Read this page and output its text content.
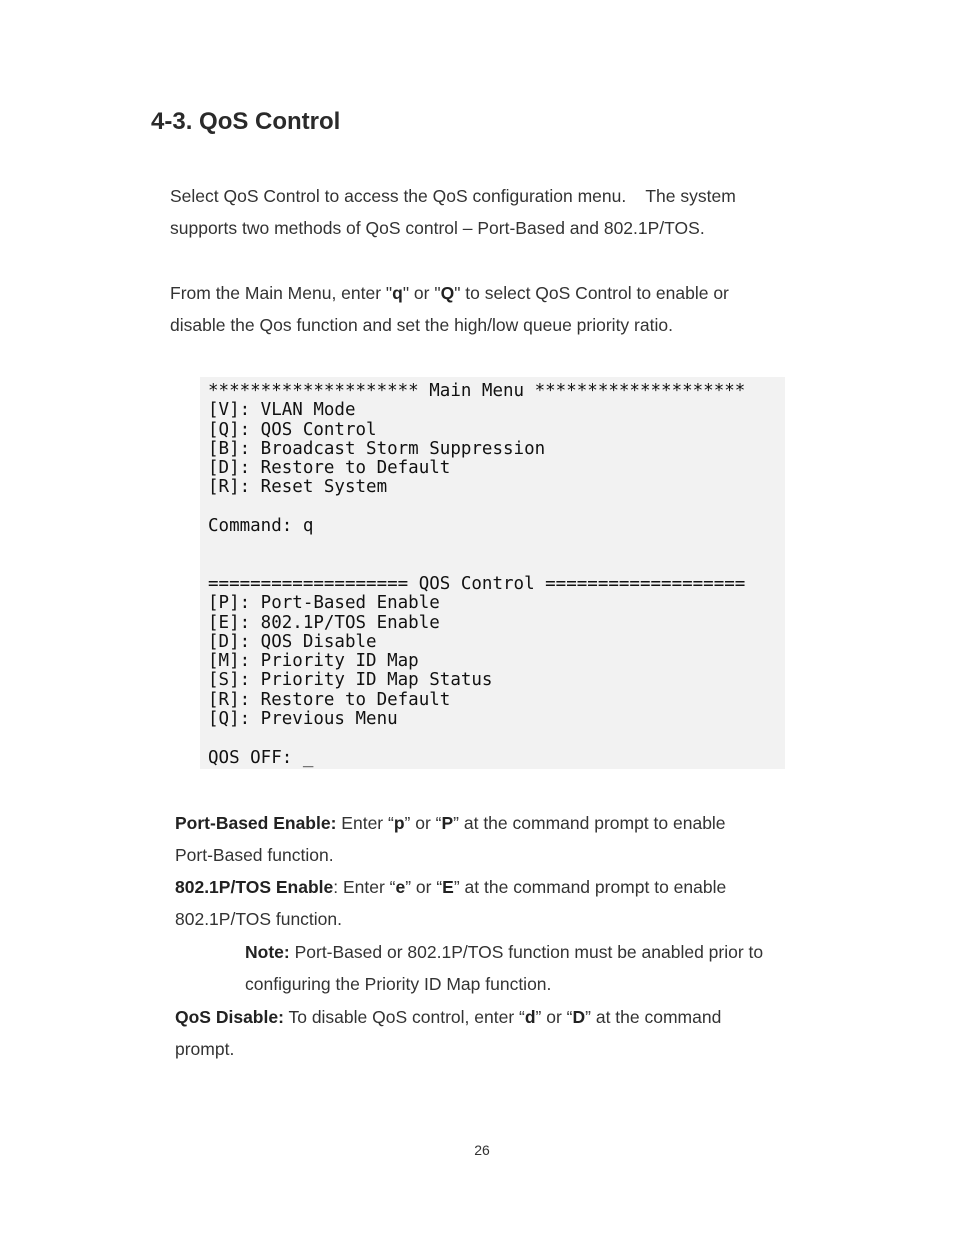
4-3. QoS Control
Select QoS Control to access the QoS configuration menu.    The system
supports two methods of QoS control – Port-Based and 802.1P/TOS.
From the Main Menu, enter "q" or "Q" to select QoS Control to enable or
disable the Qos function and set the high/low queue priority ratio.
******************** Main Menu ********************
[V]: VLAN Mode
[Q]: QOS Control
[B]: Broadcast Storm Suppression
[D]: Restore to Default
[R]: Reset System

Command: q

=================== QOS Control ===================
[P]: Port-Based Enable
[E]: 802.1P/TOS Enable
[D]: QOS Disable
[M]: Priority ID Map
[S]: Priority ID Map Status
[R]: Restore to Default
[Q]: Previous Menu

QOS OFF: _
Port-Based Enable: Enter “p” or “P” at the command prompt to enable
Port-Based function.
802.1P/TOS Enable: Enter “e” or “E” at the command prompt to enable
802.1P/TOS function.
Note: Port-Based or 802.1P/TOS function must be anabled prior to
configuring the Priority ID Map function.
QoS Disable: To disable QoS control, enter “d” or “D” at the command
prompt.
26
